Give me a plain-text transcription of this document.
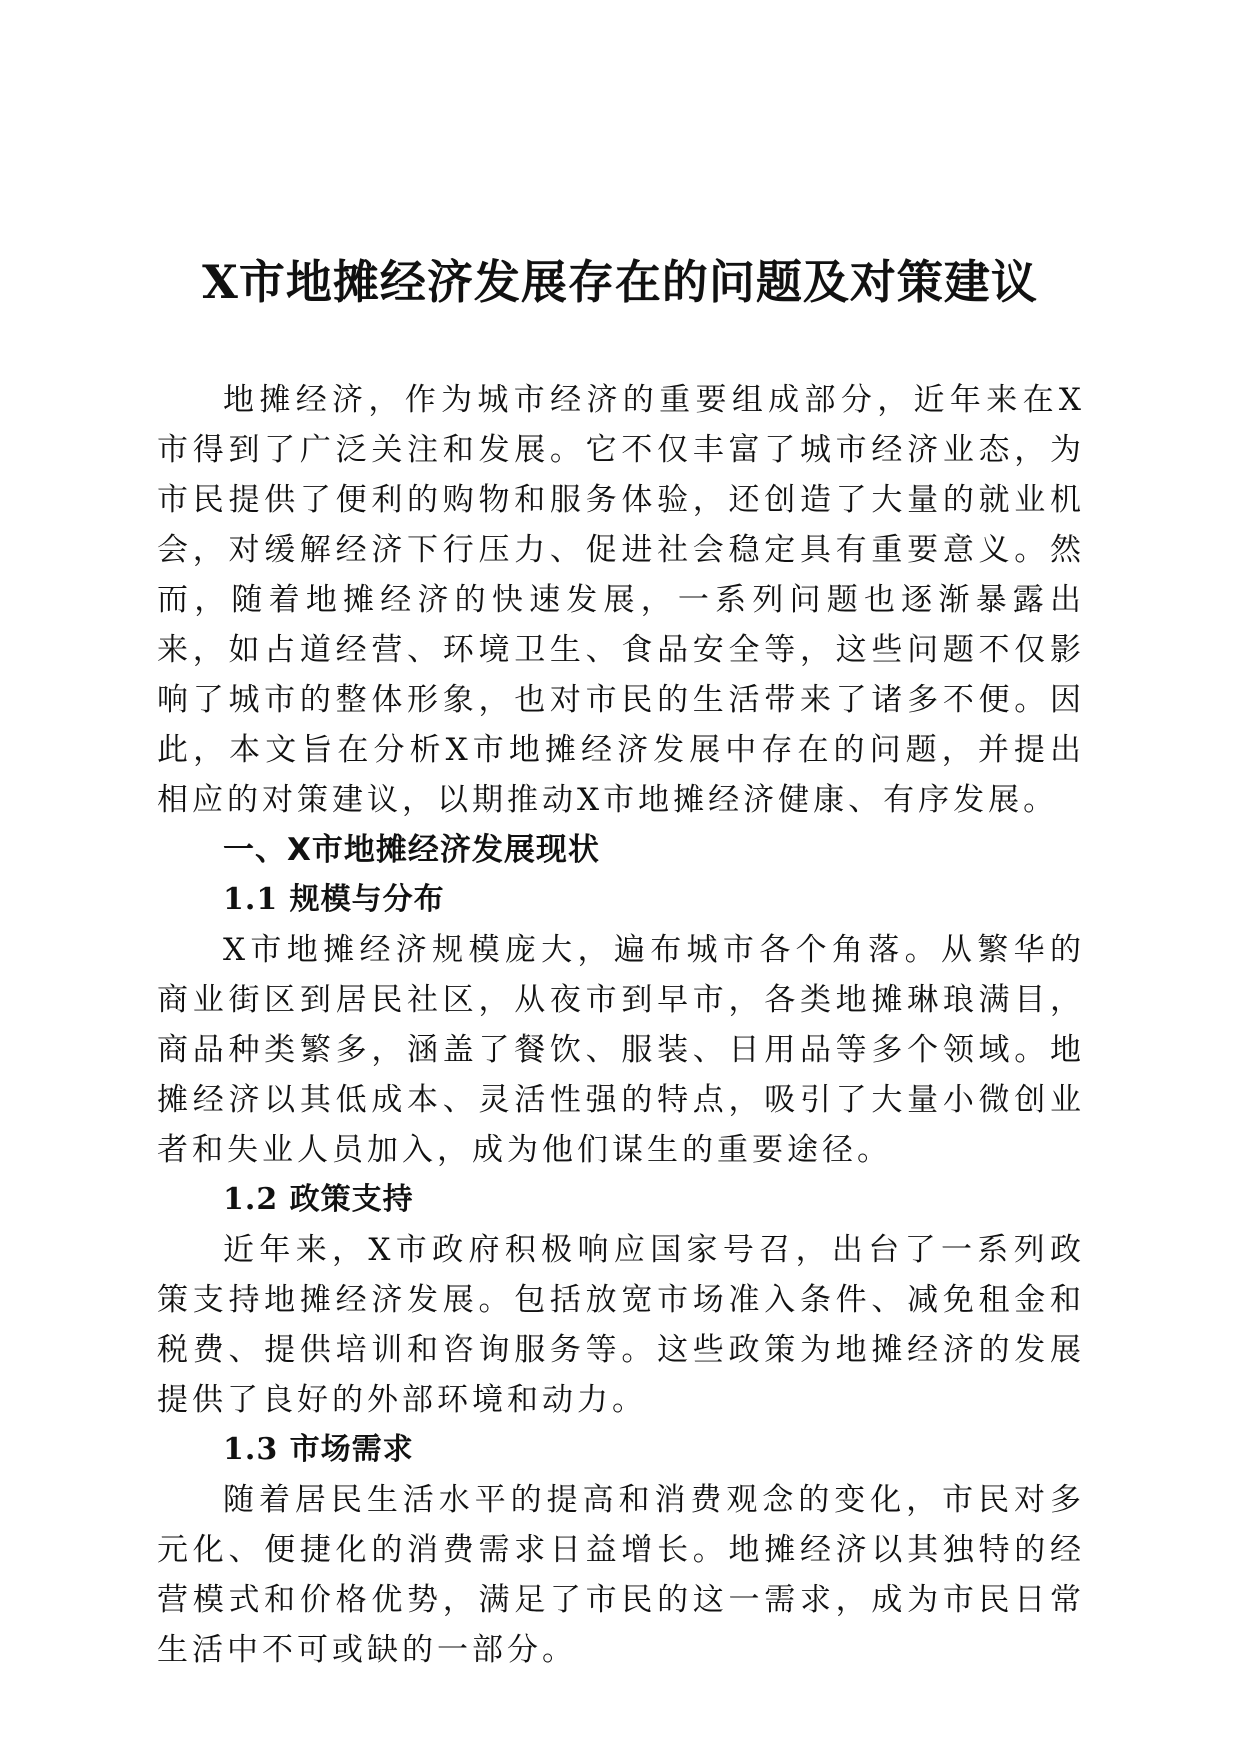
X市地摊经济发展存在的问题及对策建议

地摊经济，作为城市经济的重要组成部分，近年来在X市得到了广泛关注和发展。它不仅丰富了城市经济业态，为市民提供了便利的购物和服务体验，还创造了大量的就业机会，对缓解经济下行压力、促进社会稳定具有重要意义。然而，随着地摊经济的快速发展，一系列问题也逐渐暴露出来，如占道经营、环境卫生、食品安全等，这些问题不仅影响了城市的整体形象，也对市民的生活带来了诸多不便。因此，本文旨在分析X市地摊经济发展中存在的问题，并提出相应的对策建议，以期推动X市地摊经济健康、有序发展。

一、X市地摊经济发展现状
1.1 规模与分布

X市地摊经济规模庞大，遍布城市各个角落。从繁华的商业街区到居民社区，从夜市到早市，各类地摊琳琅满目，商品种类繁多，涵盖了餐饮、服装、日用品等多个领域。地摊经济以其低成本、灵活性强的特点，吸引了大量小微创业者和失业人员加入，成为他们谋生的重要途径。

1.2 政策支持

近年来，X市政府积极响应国家号召，出台了一系列政策支持地摊经济发展。包括放宽市场准入条件、减免租金和税费、提供培训和咨询服务等。这些政策为地摊经济的发展提供了良好的外部环境和动力。

1.3 市场需求

随着居民生活水平的提高和消费观念的变化，市民对多元化、便捷化的消费需求日益增长。地摊经济以其独特的经营模式和价格优势，满足了市民的这一需求，成为市民日常生活中不可或缺的一部分。
